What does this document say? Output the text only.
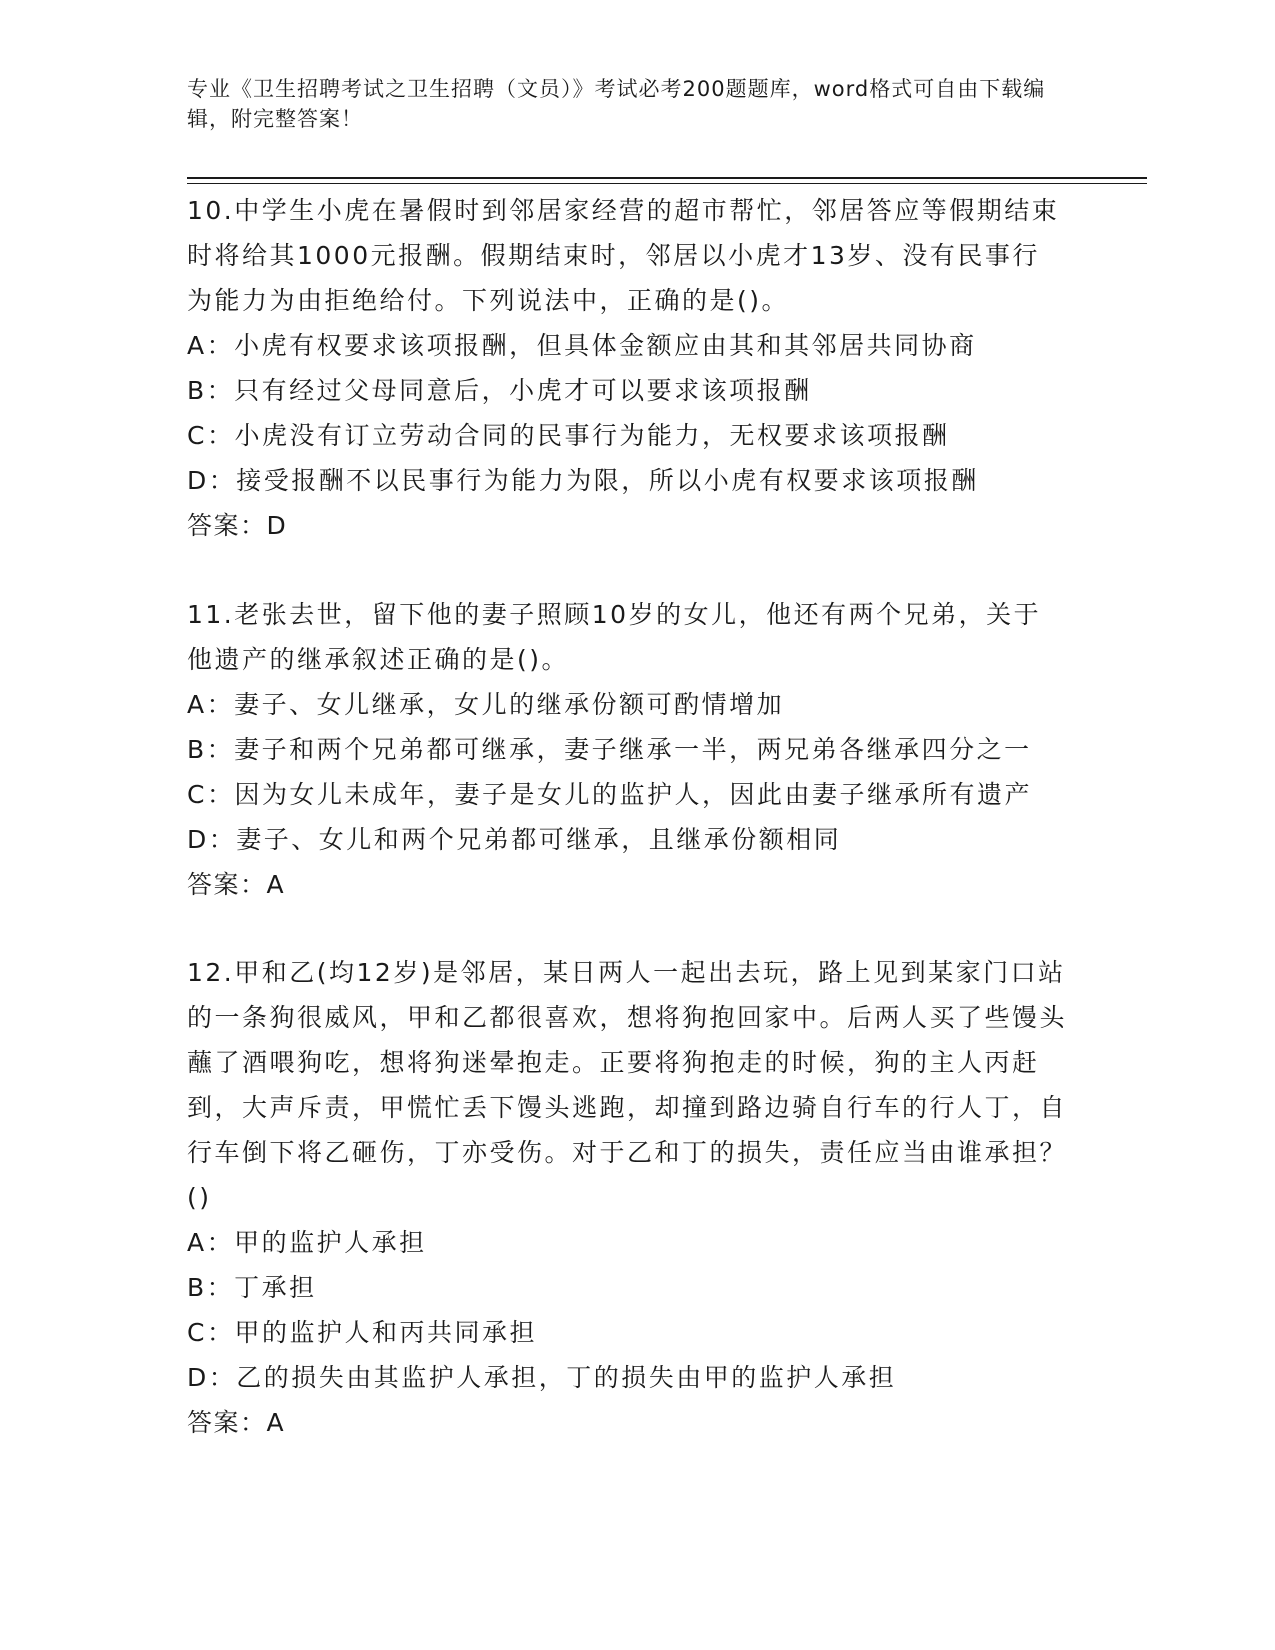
专业《卫生招聘考试之卫生招聘（文员）》考试必考200题题库，word格式可自由下载编辑，附完整答案！
10.中学生小虎在暑假时到邻居家经营的超市帮忙，邻居答应等假期结束时将给其1000元报酬。假期结束时，邻居以小虎才13岁、没有民事行为能力为由拒绝给付。下列说法中，正确的是()。
A：小虎有权要求该项报酬，但具体金额应由其和其邻居共同协商
B：只有经过父母同意后，小虎才可以要求该项报酬
C：小虎没有订立劳动合同的民事行为能力，无权要求该项报酬
D：接受报酬不以民事行为能力为限，所以小虎有权要求该项报酬
答案：D
11.老张去世，留下他的妻子照顾10岁的女儿，他还有两个兄弟，关于他遗产的继承叙述正确的是()。
A：妻子、女儿继承，女儿的继承份额可酌情增加
B：妻子和两个兄弟都可继承，妻子继承一半，两兄弟各继承四分之一
C：因为女儿未成年，妻子是女儿的监护人，因此由妻子继承所有遗产
D：妻子、女儿和两个兄弟都可继承，且继承份额相同
答案：A
12.甲和乙(均12岁)是邻居，某日两人一起出去玩，路上见到某家门口站的一条狗很威风，甲和乙都很喜欢，想将狗抱回家中。后两人买了些馒头蘸了酒喂狗吃，想将狗迷晕抱走。正要将狗抱走的时候，狗的主人丙赶到，大声斥责，甲慌忙丢下馒头逃跑，却撞到路边骑自行车的行人丁，自行车倒下将乙砸伤，丁亦受伤。对于乙和丁的损失，责任应当由谁承担？()
A：甲的监护人承担
B：丁承担
C：甲的监护人和丙共同承担
D：乙的损失由其监护人承担，丁的损失由甲的监护人承担
答案：A
